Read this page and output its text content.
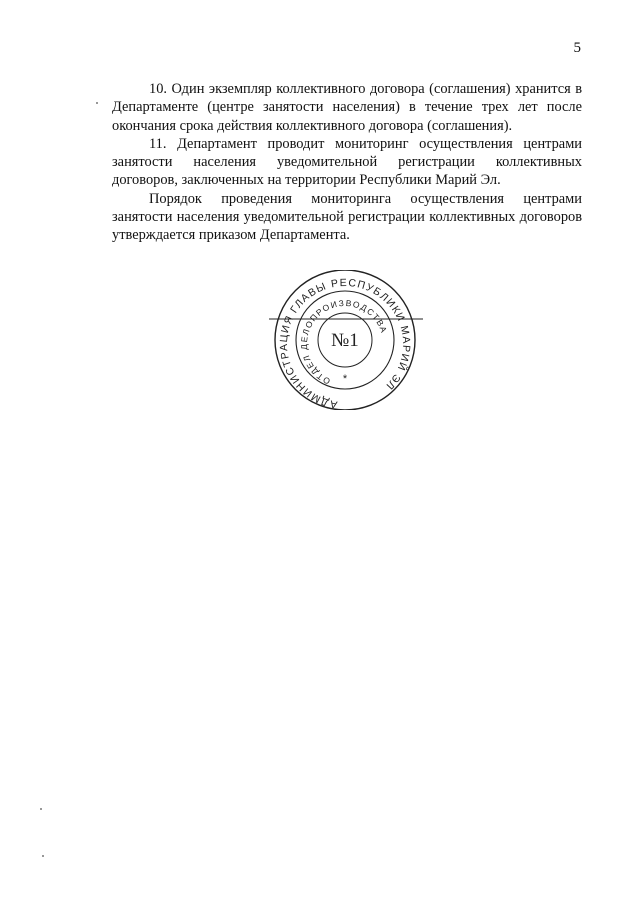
5

10. Один экземпляр коллективного договора (соглашения) хранится в Департаменте (центре занятости населения) в течение трех лет после окончания срока действия коллективного договора (соглашения).

11. Департамент проводит мониторинг осуществления центрами занятости населения уведомительной регистрации коллективных договоров, заключенных на территории Республики Марий Эл.

Порядок проведения мониторинга осуществления центрами занятости населения уведомительной регистрации коллективных договоров утверждается приказом Департамента.

АДМИНИСТРАЦИЯ ГЛАВЫ РЕСПУБЛИКИ МАРИЙ ЭЛ
ОТДЕЛ ДЕЛОПРОИЗВОДСТВА
№1
*
